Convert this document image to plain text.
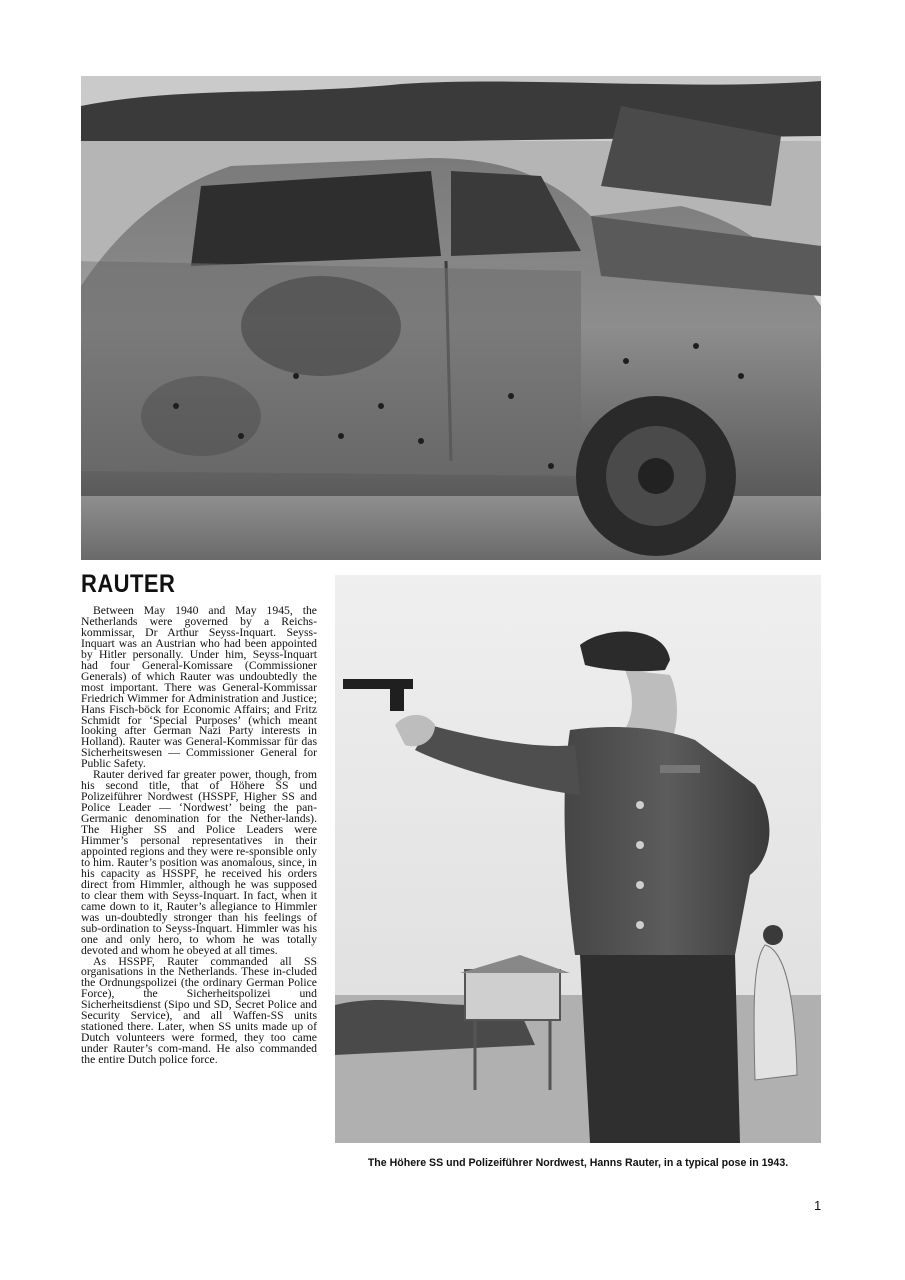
RAUTER

Between May 1940 and May 1945, the Netherlands were governed by a Reichs-kommissar, Dr Arthur Seyss-Inquart. Seyss-Inquart was an Austrian who had been appointed by Hitler personally. Under him, Seyss-Inquart had four General-Komissare (Commissioner Generals) of which Rauter was undoubtedly the most important. There was General-Kommissar Friedrich Wimmer for Administration and Justice; Hans Fisch-böck for Economic Affairs; and Fritz Schmidt for ‘Special Purposes’ (which meant looking after German Nazi Party interests in Holland). Rauter was General-Kommissar für das Sicherheitswesen — Commissioner General for Public Safety.

Rauter derived far greater power, though, from his second title, that of Höhere SS und Polizeiführer Nordwest (HSSPF, Higher SS and Police Leader — ‘Nordwest’ being the pan-Germanic denomination for the Nether-lands). The Higher SS and Police Leaders were Himmer’s personal representatives in their appointed regions and they were re-sponsible only to him. Rauter’s position was anomalous, since, in his capacity as HSSPF, he received his orders direct from Himmler, although he was supposed to clear them with Seyss-Inquart. In fact, when it came down to it, Rauter’s allegiance to Himmler was un-doubtedly stronger than his feelings of sub-ordination to Seyss-Inquart. Himmler was his one and only hero, to whom he was totally devoted and whom he obeyed at all times.

As HSSPF, Rauter commanded all SS organisations in the Netherlands. These in-cluded the Ordnungspolizei (the ordinary German Police Force), the Sicherheitspolizei und Sicherheitsdienst (Sipo und SD, Secret Police and Security Service), and all Waffen-SS units stationed there. Later, when SS units made up of Dutch volunteers were formed, they too came under Rauter’s com-mand. He also commanded the entire Dutch police force.

The Höhere SS und Polizeiführer Nordwest, Hanns Rauter, in a typical pose in 1943.
1
